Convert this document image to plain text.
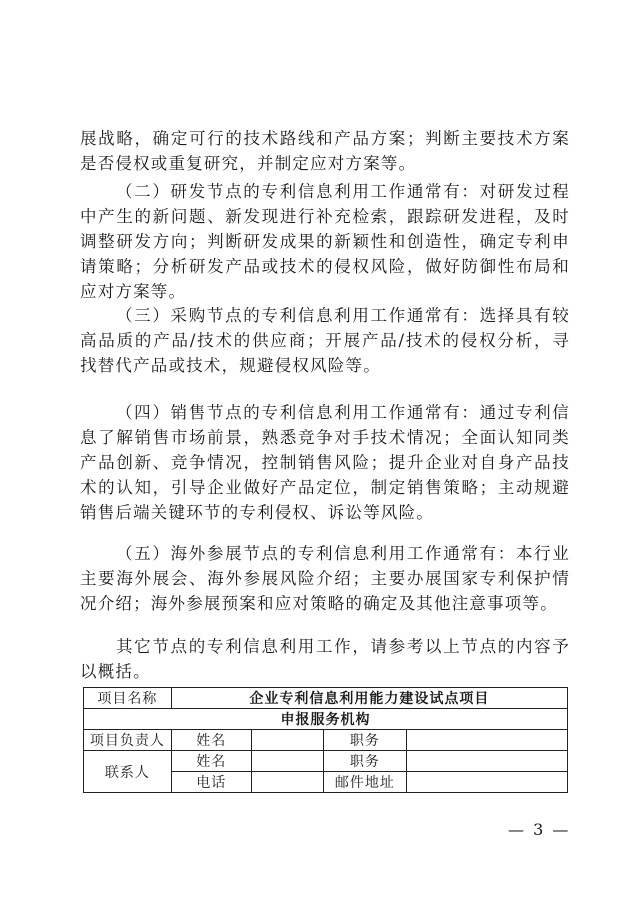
展战略，确定可行的技术路线和产品方案；判断主要技术方案是否侵权或重复研究，并制定应对方案等。

（二）研发节点的专利信息利用工作通常有：对研发过程中产生的新问题、新发现进行补充检索，跟踪研发进程，及时调整研发方向；判断研发成果的新颖性和创造性，确定专利申请策略；分析研发产品或技术的侵权风险，做好防御性布局和应对方案等。

（三）采购节点的专利信息利用工作通常有：选择具有较高品质的产品/技术的供应商；开展产品/技术的侵权分析，寻找替代产品或技术，规避侵权风险等。

（四）销售节点的专利信息利用工作通常有：通过专利信息了解销售市场前景，熟悉竞争对手技术情况；全面认知同类产品创新、竞争情况，控制销售风险；提升企业对自身产品技术的认知，引导企业做好产品定位，制定销售策略；主动规避销售后端关键环节的专利侵权、诉讼等风险。

（五）海外参展节点的专利信息利用工作通常有：本行业主要海外展会、海外参展风险介绍；主要办展国家专利保护情况介绍；海外参展预案和应对策略的确定及其他注意事项等。

其它节点的专利信息利用工作，请参考以上节点的内容予以概括。

项目名称	企业专利信息利用能力建设试点项目			
申报服务机构				
项目负责人	姓名		职务	
联系人	姓名		职务	
	电话		邮件地址	
— 3 —
